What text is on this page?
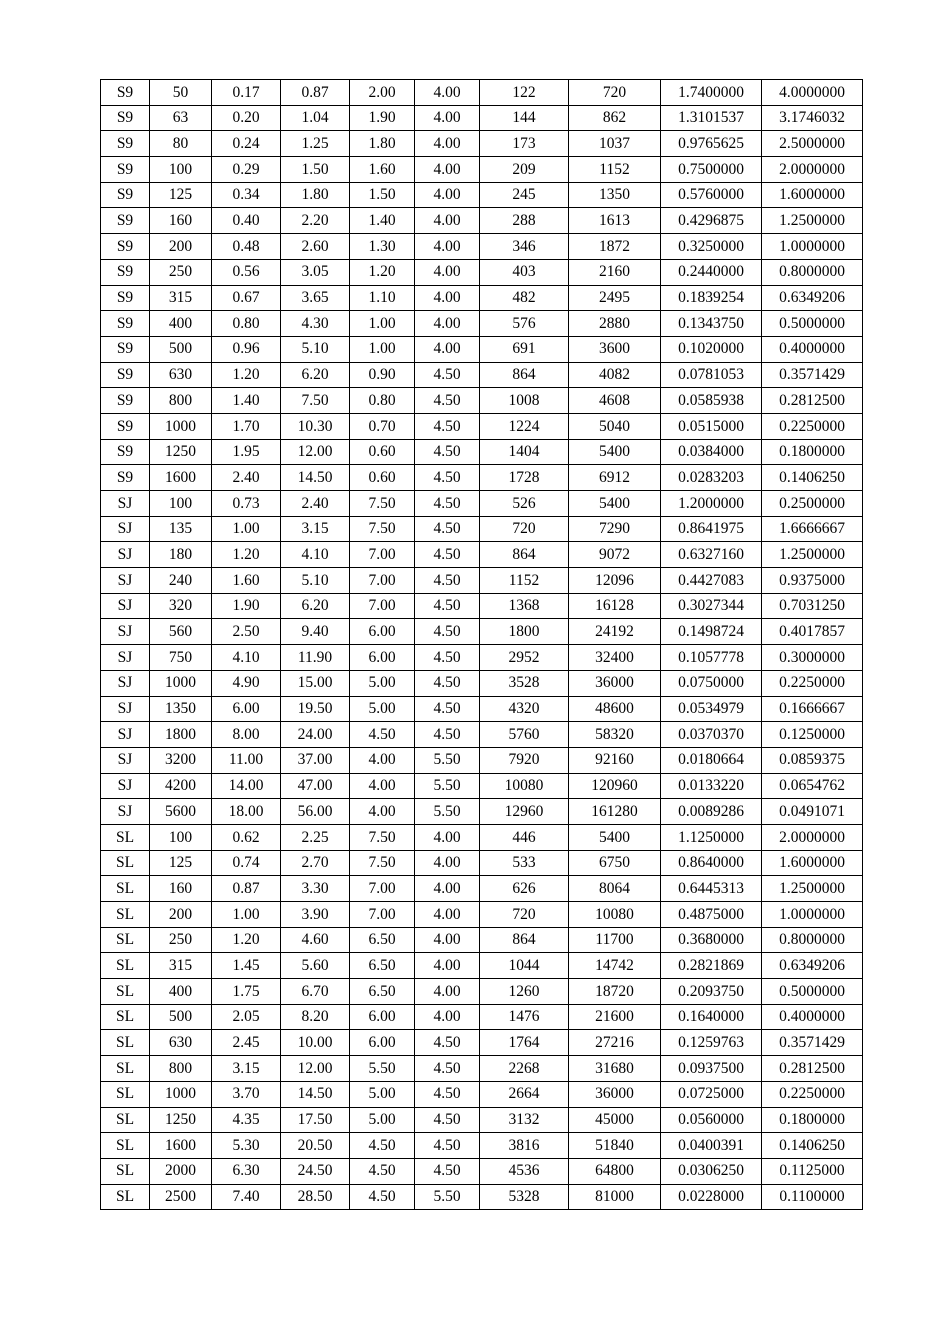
S9	50	0.17	0.87	2.00	4.00	122	720	1.7400000	4.0000000
S9	63	0.20	1.04	1.90	4.00	144	862	1.3101537	3.1746032
S9	80	0.24	1.25	1.80	4.00	173	1037	0.9765625	2.5000000
S9	100	0.29	1.50	1.60	4.00	209	1152	0.7500000	2.0000000
S9	125	0.34	1.80	1.50	4.00	245	1350	0.5760000	1.6000000
S9	160	0.40	2.20	1.40	4.00	288	1613	0.4296875	1.2500000
S9	200	0.48	2.60	1.30	4.00	346	1872	0.3250000	1.0000000
S9	250	0.56	3.05	1.20	4.00	403	2160	0.2440000	0.8000000
S9	315	0.67	3.65	1.10	4.00	482	2495	0.1839254	0.6349206
S9	400	0.80	4.30	1.00	4.00	576	2880	0.1343750	0.5000000
S9	500	0.96	5.10	1.00	4.00	691	3600	0.1020000	0.4000000
S9	630	1.20	6.20	0.90	4.50	864	4082	0.0781053	0.3571429
S9	800	1.40	7.50	0.80	4.50	1008	4608	0.0585938	0.2812500
S9	1000	1.70	10.30	0.70	4.50	1224	5040	0.0515000	0.2250000
S9	1250	1.95	12.00	0.60	4.50	1404	5400	0.0384000	0.1800000
S9	1600	2.40	14.50	0.60	4.50	1728	6912	0.0283203	0.1406250
SJ	100	0.73	2.40	7.50	4.50	526	5400	1.2000000	0.2500000
SJ	135	1.00	3.15	7.50	4.50	720	7290	0.8641975	1.6666667
SJ	180	1.20	4.10	7.00	4.50	864	9072	0.6327160	1.2500000
SJ	240	1.60	5.10	7.00	4.50	1152	12096	0.4427083	0.9375000
SJ	320	1.90	6.20	7.00	4.50	1368	16128	0.3027344	0.7031250
SJ	560	2.50	9.40	6.00	4.50	1800	24192	0.1498724	0.4017857
SJ	750	4.10	11.90	6.00	4.50	2952	32400	0.1057778	0.3000000
SJ	1000	4.90	15.00	5.00	4.50	3528	36000	0.0750000	0.2250000
SJ	1350	6.00	19.50	5.00	4.50	4320	48600	0.0534979	0.1666667
SJ	1800	8.00	24.00	4.50	4.50	5760	58320	0.0370370	0.1250000
SJ	3200	11.00	37.00	4.00	5.50	7920	92160	0.0180664	0.0859375
SJ	4200	14.00	47.00	4.00	5.50	10080	120960	0.0133220	0.0654762
SJ	5600	18.00	56.00	4.00	5.50	12960	161280	0.0089286	0.0491071
SL	100	0.62	2.25	7.50	4.00	446	5400	1.1250000	2.0000000
SL	125	0.74	2.70	7.50	4.00	533	6750	0.8640000	1.6000000
SL	160	0.87	3.30	7.00	4.00	626	8064	0.6445313	1.2500000
SL	200	1.00	3.90	7.00	4.00	720	10080	0.4875000	1.0000000
SL	250	1.20	4.60	6.50	4.00	864	11700	0.3680000	0.8000000
SL	315	1.45	5.60	6.50	4.00	1044	14742	0.2821869	0.6349206
SL	400	1.75	6.70	6.50	4.00	1260	18720	0.2093750	0.5000000
SL	500	2.05	8.20	6.00	4.00	1476	21600	0.1640000	0.4000000
SL	630	2.45	10.00	6.00	4.50	1764	27216	0.1259763	0.3571429
SL	800	3.15	12.00	5.50	4.50	2268	31680	0.0937500	0.2812500
SL	1000	3.70	14.50	5.00	4.50	2664	36000	0.0725000	0.2250000
SL	1250	4.35	17.50	5.00	4.50	3132	45000	0.0560000	0.1800000
SL	1600	5.30	20.50	4.50	4.50	3816	51840	0.0400391	0.1406250
SL	2000	6.30	24.50	4.50	4.50	4536	64800	0.0306250	0.1125000
SL	2500	7.40	28.50	4.50	5.50	5328	81000	0.0228000	0.1100000
